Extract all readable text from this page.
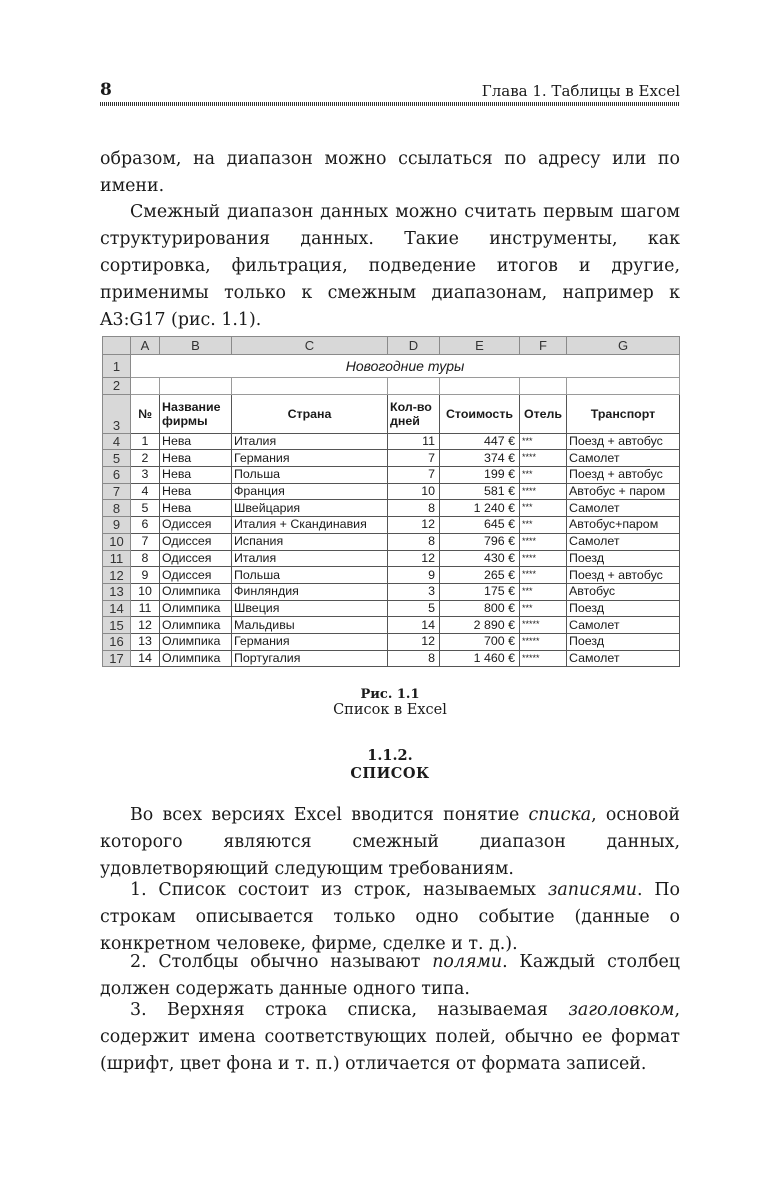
8	Глава 1. Таблицы в Excel

образом, на диапазон можно ссылаться по адресу или по имени.

Смежный диапазон данных можно считать первым шагом структурирования данных. Такие инструменты, как сортировка, фильтрация, подведение итогов и другие, применимы только к смежным диапазонам, например к A3:G17 (рис. 1.1).

	A	B	C	D	E	F	G
1	Новогодние туры						
2							
3	№	Название фирмы	Страна	Кол-во дней	Стоимость	Отель	Транспорт
4	1	Нева	Италия	11	447 €	***	Поезд + автобус
5	2	Нева	Германия	7	374 €	****	Самолет
6	3	Нева	Польша	7	199 €	***	Поезд + автобус
7	4	Нева	Франция	10	581 €	****	Автобус + паром
8	5	Нева	Швейцария	8	1 240 €	***	Самолет
9	6	Одиссея	Италия + Скандинавия	12	645 €	***	Автобус+паром
10	7	Одиссея	Испания	8	796 €	****	Самолет
11	8	Одиссея	Италия	12	430 €	****	Поезд
12	9	Одиссея	Польша	9	265 €	****	Поезд + автобус
13	10	Олимпика	Финляндия	3	175 €	***	Автобус
14	11	Олимпика	Швеция	5	800 €	***	Поезд
15	12	Олимпика	Мальдивы	14	2 890 €	*****	Самолет
16	13	Олимпика	Германия	12	700 €	*****	Поезд
17	14	Олимпика	Португалия	8	1 460 €	*****	Самолет
Рис. 1.1
Список в Excel
1.1.2.
СПИСОК

Во всех версиях Excel вводится понятие списка, основой которого являются смежный диапазон данных, удовлетворяющий следующим требованиям.

1. Список состоит из строк, называемых записями. По строкам описывается только одно событие (данные о конкретном человеке, фирме, сделке и т. д.).

2. Столбцы обычно называют полями. Каждый столбец должен содержать данные одного типа.

3. Верхняя строка списка, называемая заголовком, содержит имена соответствующих полей, обычно ее формат (шрифт, цвет фона и т. п.) отличается от формата записей.
